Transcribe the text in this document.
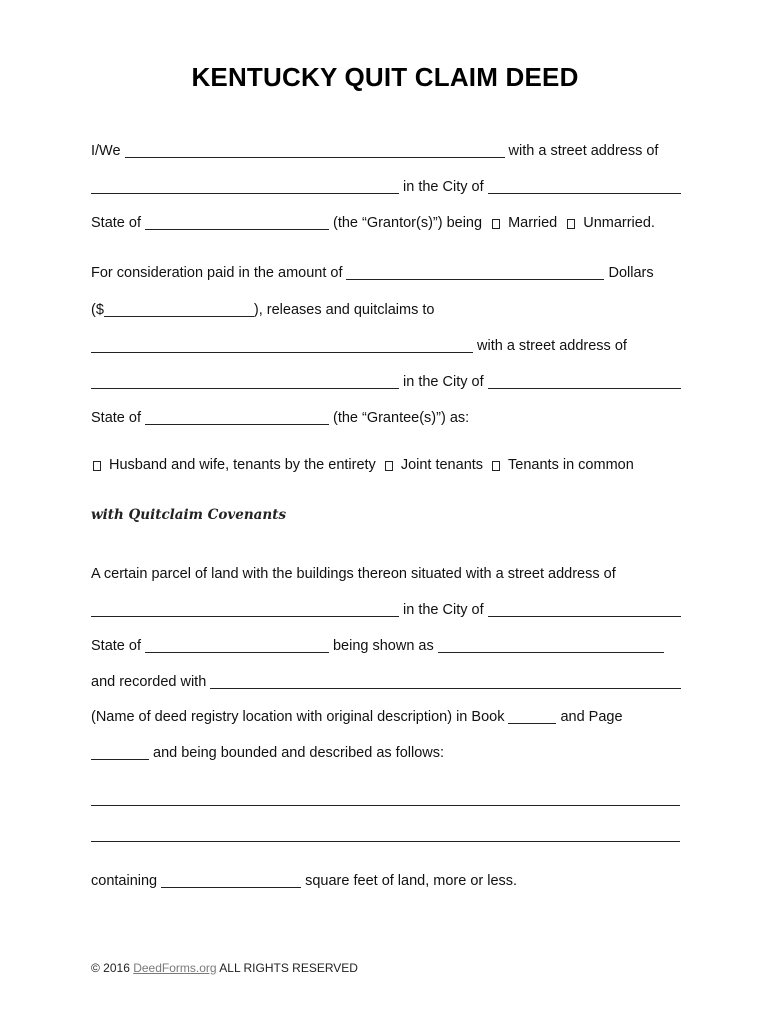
KENTUCKY QUIT CLAIM DEED
I/We	with a street address of
in the City of
State of	(the “Grantor(s)”) being Married Unmarried.
For consideration paid in the amount of	Dollars
($	), releases and quitclaims to
with a street address of
in the City of
State of	(the “Grantee(s)”) as:
Husband and wife, tenants by the entirety Joint tenants Tenants in common
with Quitclaim Covenants
A certain parcel of land with the buildings thereon situated with a street address of
in the City of
State of	being shown as
and recorded with
(Name of deed registry location with original description) in Book	and Page
and being bounded and described as follows:
containing	square feet of land, more or less.
© 2016 DeedForms.org ALL RIGHTS RESERVED
